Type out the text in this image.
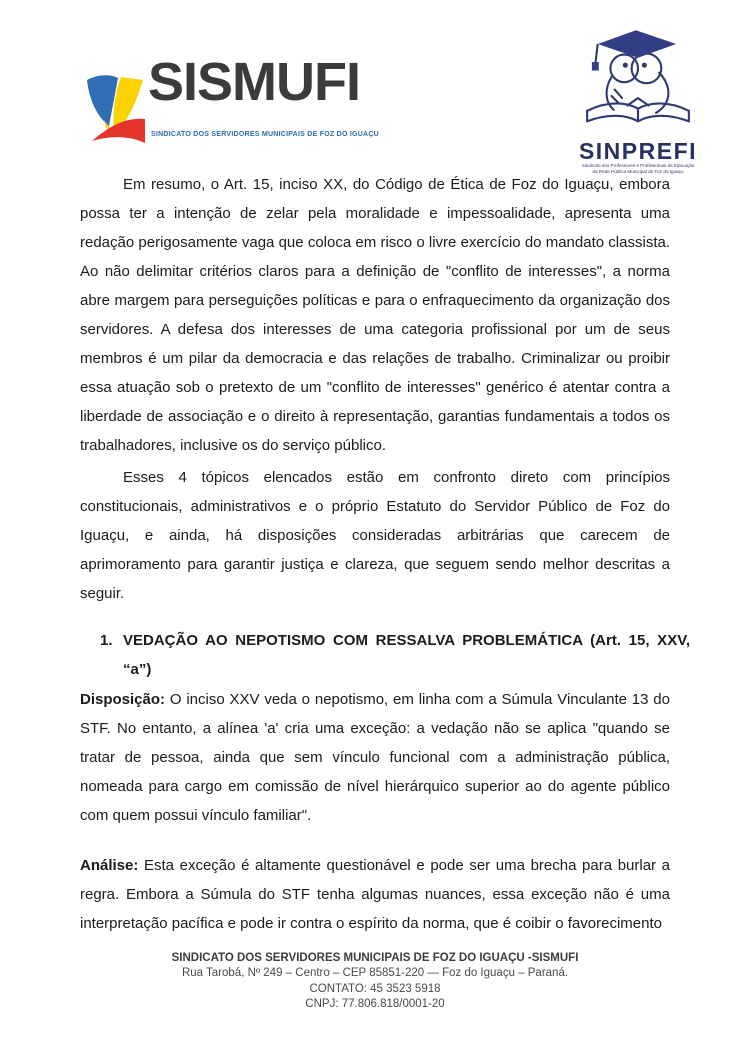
SISMUFI
SINDICATO DOS SERVIDORES MUNICIPAIS DE FOZ DO IGUAÇU
SINPREFI
Sindicato dos Professores e Profissionais da Educação
da Rede Pública Municipal de Foz do Iguaçu

Em resumo, o Art. 15, inciso XX, do Código de Ética de Foz do Iguaçu, embora possa ter a intenção de zelar pela moralidade e impessoalidade, apresenta uma redação perigosamente vaga que coloca em risco o livre exercício do mandato classista. Ao não delimitar critérios claros para a definição de "conflito de interesses", a norma abre margem para perseguições políticas e para o enfraquecimento da organização dos servidores. A defesa dos interesses de uma categoria profissional por um de seus membros é um pilar da democracia e das relações de trabalho. Criminalizar ou proibir essa atuação sob o pretexto de um "conflito de interesses" genérico é atentar contra a liberdade de associação e o direito à representação, garantias fundamentais a todos os trabalhadores, inclusive os do serviço público.

Esses 4 tópicos elencados estão em confronto direto com princípios constitucionais, administrativos e o próprio Estatuto do Servidor Público de Foz do Iguaçu, e ainda, há disposições consideradas arbitrárias que carecem de aprimoramento para garantir justiça e clareza, que seguem sendo melhor descritas a seguir.

1. VEDAÇÃO AO NEPOTISMO COM RESSALVA PROBLEMÁTICA (Art. 15, XXV, “a”)

Disposição: O inciso XXV veda o nepotismo, em linha com a Súmula Vinculante 13 do STF. No entanto, a alínea 'a' cria uma exceção: a vedação não se aplica "quando se tratar de pessoa, ainda que sem vínculo funcional com a administração pública, nomeada para cargo em comissão de nível hierárquico superior ao do agente público com quem possui vínculo familiar".

Análise: Esta exceção é altamente questionável e pode ser uma brecha para burlar a regra. Embora a Súmula do STF tenha algumas nuances, essa exceção não é uma interpretação pacífica e pode ir contra o espírito da norma, que é coibir o favorecimento

SINDICATO DOS SERVIDORES MUNICIPAIS DE FOZ DO IGUAÇU -SISMUFI
Rua Tarobá, Nº 249 – Centro – CEP 85851-220 — Foz do Iguaçu – Paraná.
CONTATO: 45 3523 5918
CNPJ: 77.806.818/0001-20
